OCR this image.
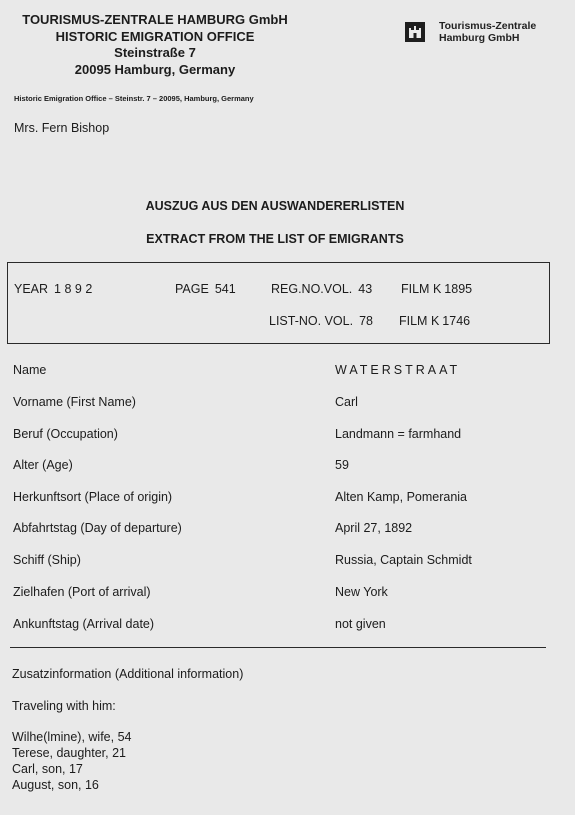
TOURISMUS-ZENTRALE HAMBURG GmbH
HISTORIC EMIGRATION OFFICE
Steinstraße 7
20095 Hamburg, Germany
Tourismus-Zentrale
Hamburg GmbH
Historic Emigration Office – Steinstr. 7 – 20095, Hamburg, Germany
Mrs. Fern Bishop
AUSZUG AUS DEN AUSWANDERERLISTEN
EXTRACT FROM THE LIST OF EMIGRANTS
YEAR 1 8 9 2	PAGE 541	REG.NO.VOL. 43 FILM K 1895
LIST-NO. VOL. 78 FILM K 1746
Name	WATERSTRAAT
Vorname (First Name)	Carl
Beruf (Occupation)	Landmann = farmhand
Alter (Age)	59
Herkunftsort (Place of origin)	Alten Kamp, Pomerania
Abfahrtstag (Day of departure)	April 27, 1892
Schiff (Ship)	Russia, Captain Schmidt
Zielhafen (Port of arrival)	New York
Ankunftstag (Arrival date)	not given
Zusatzinformation (Additional information)
Traveling with him:
Wilhe(lmine), wife, 54
Terese, daughter, 21
Carl, son, 17
August, son, 16
